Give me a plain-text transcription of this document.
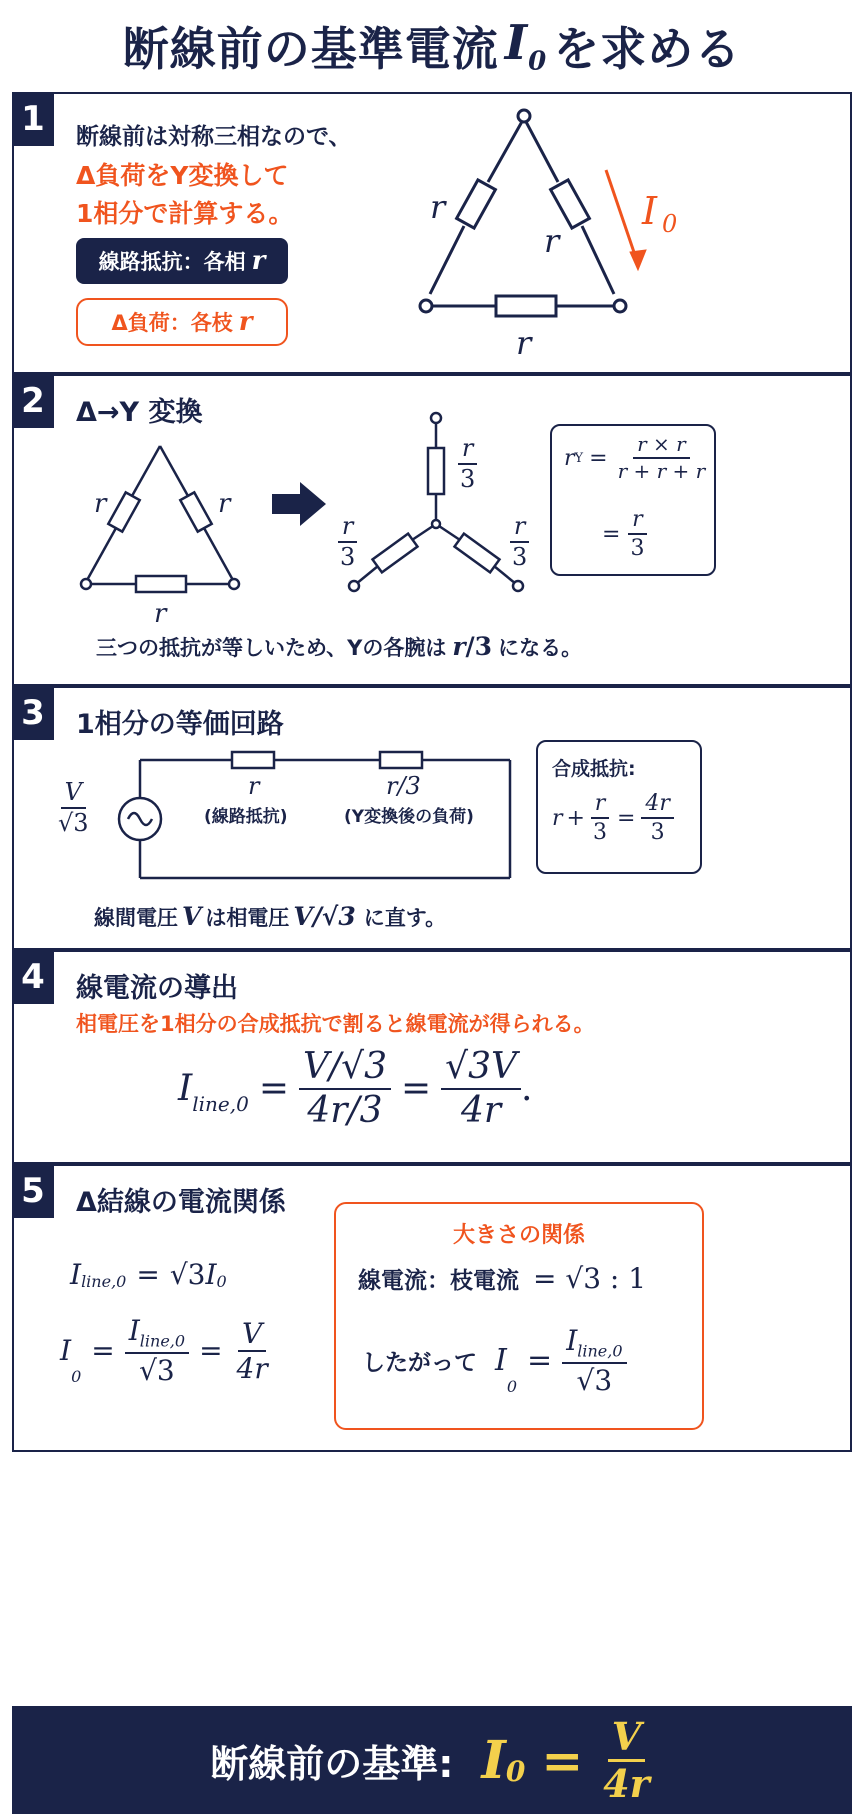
断線前の基準電流 $I_0$ を求める
1	断線前は対称三相なので、
Δ負荷をY変換して
1相分で計算する。
線路抵抗：各相 r
Δ負荷：各枝 r
r
r
r
I 0
2	Δ→Y 変換
r	r
r
$\frac{r}{3}$
$\frac{r}{3}$	$\frac{r}{3}$
r $Y = \frac{r \times r}{r + r + r}$
= $\frac{r}{3}$
三つの抵抗が等しいため、Yの各腕は r/3 になる。
3	1相分の等価回路
$\frac{V}{√3}$	r
(線路抵抗)
r/3
(Y変換後の負荷)
合成抵抗:
$r + \frac{r}{3} = \frac{4r}{3}$
線間電圧 V は相電圧 V/√3 に直す。
4	線電流の導出
相電圧を1相分の合成抵抗で割ると線電流が得られる。
$I_{line,0} = \frac{V/√3}{4r/3} = \frac{√3V}{4r}$ .
5	Δ結線の電流関係
$I_{line,0} = √3$ $I_0$
I
$_0$
= $\frac{I_{line,0}}{√3} = \frac{V}{4r}$
大きさの関係
線電流：枝電流 = √3 : 1
したがって I
$_0$
= $\frac{I_{line,0}}{√3}$
断線前の基準: I $0 = \frac{V}{4r}$
